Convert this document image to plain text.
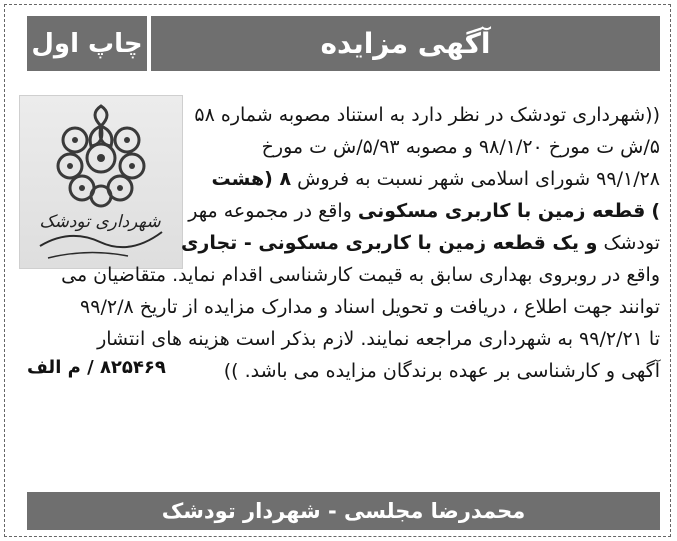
چاپ اول	آگهی مزایده
شهرداری تودشک
((شهرداری تودشک در نظر دارد به استناد مصوبه شماره ۵۸
۵/ش ت مورخ ۹۸/۱/۲۰ و مصوبه ۵/۹۳/ش ت مورخ
۹۹/۱/۲۸ شورای اسلامی شهر نسبت به فروش ۸ (هشت
) قطعه زمین با کاربری مسکونی واقع در مجموعه مهر
تودشک و یک قطعه زمین با کاربری مسکونی - تجاری
واقع در روبروی بهداری سابق به قیمت کارشناسی اقدام نماید. متقاضیان می
توانند جهت اطلاع ، دریافت و تحویل اسناد و مدارک مزایده از تاریخ ۹۹/۲/۸
تا ۹۹/۲/۲۱ به شهرداری مراجعه نمایند. لازم بذکر است هزینه های انتشار
آگهی و کارشناسی بر عهده برندگان مزایده می باشد. ))
۸۲۵۴۶۹ / م الف
محمدرضا مجلسی - شهردار تودشک
